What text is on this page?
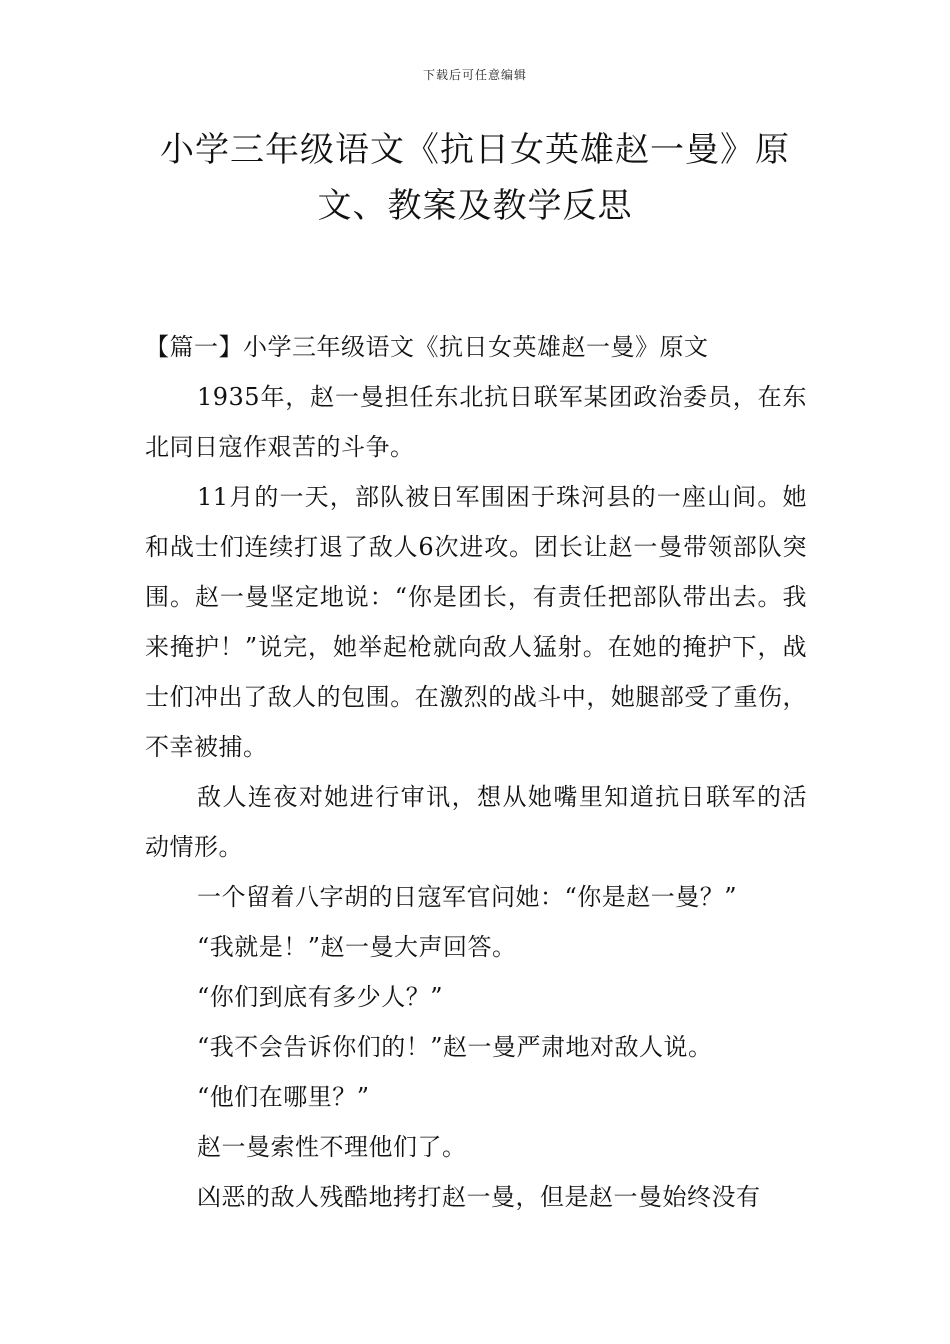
下载后可任意编辑
小学三年级语文《抗日女英雄赵一曼》原
文、教案及教学反思

【篇一】小学三年级语文《抗日女英雄赵一曼》原文

1935年，赵一曼担任东北抗日联军某团政治委员，在东北同日寇作艰苦的斗争。

11月的一天，部队被日军围困于珠河县的一座山间。她和战士们连续打退了敌人6次进攻。团长让赵一曼带领部队突围。赵一曼坚定地说：“你是团长，有责任把部队带出去。我来掩护！”说完，她举起枪就向敌人猛射。在她的掩护下，战士们冲出了敌人的包围。在激烈的战斗中，她腿部受了重伤，不幸被捕。

敌人连夜对她进行审讯，想从她嘴里知道抗日联军的活动情形。

一个留着八字胡的日寇军官问她：“你是赵一曼？”

“我就是！”赵一曼大声回答。

“你们到底有多少人？”

“我不会告诉你们的！”赵一曼严肃地对敌人说。

“他们在哪里？”

赵一曼索性不理他们了。

凶恶的敌人残酷地拷打赵一曼，但是赵一曼始终没有
